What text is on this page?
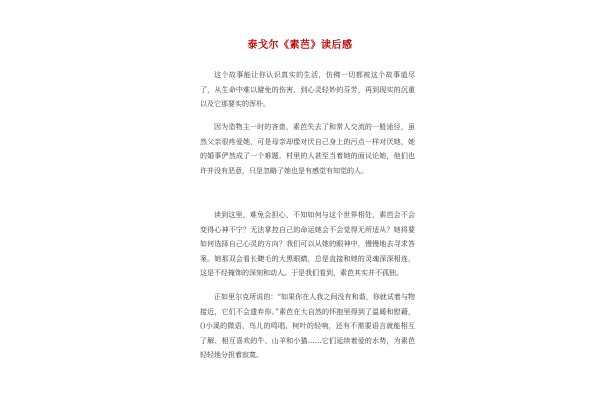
泰戈尔《素芭》读后感

这个故事能让你认识真实的生活，仿佛一切都被这个故事道尽了，从生命中难以避免的伤害，到心灵轻妙的芬芳，再到现实的沉重以及它那要实的浑朴。

因为造物主一时的吝啬，素芭失去了和常人交流的一般途径，虽然父亲很疼爱她，可是母亲却像对厌自己身上的污点一样对厌她，她的婚事俨然成了一个难题，村里的人甚至当着她的面议论她，他们也许并没有恶意，只是忽略了她也是有感觉有知觉的人。

读到这里，难免会担心，不知如何与这个世界相处，素芭会不会变得心神不宁？无法掌控自己的命运她会不会觉得无所适从？她将要如何选择自己心灵的方向？我们可以从她的眼神中，慢慢地去寻求答案。她那双会看长睫毛的大黑眼睛，总是直接和她的灵魂深深相连，这是不经掩饰的深刻和动人。于是我们看到，素芭其实并不孤独。

正如里尔克所说的：“如果你在人我之间没有和谐，你就试着与物接近，它们不会遗弃你。”素芭在大自然的怀抱里得到了温暖和慰藉，()小溪的微语、鸟儿的鸣唱、树叶的轻响，还有不需要语言就能相互了解、相互喜欢的牛、山羊和小猫……它们延续着爱的水势，为素芭轻轻地分担着寂寞。
